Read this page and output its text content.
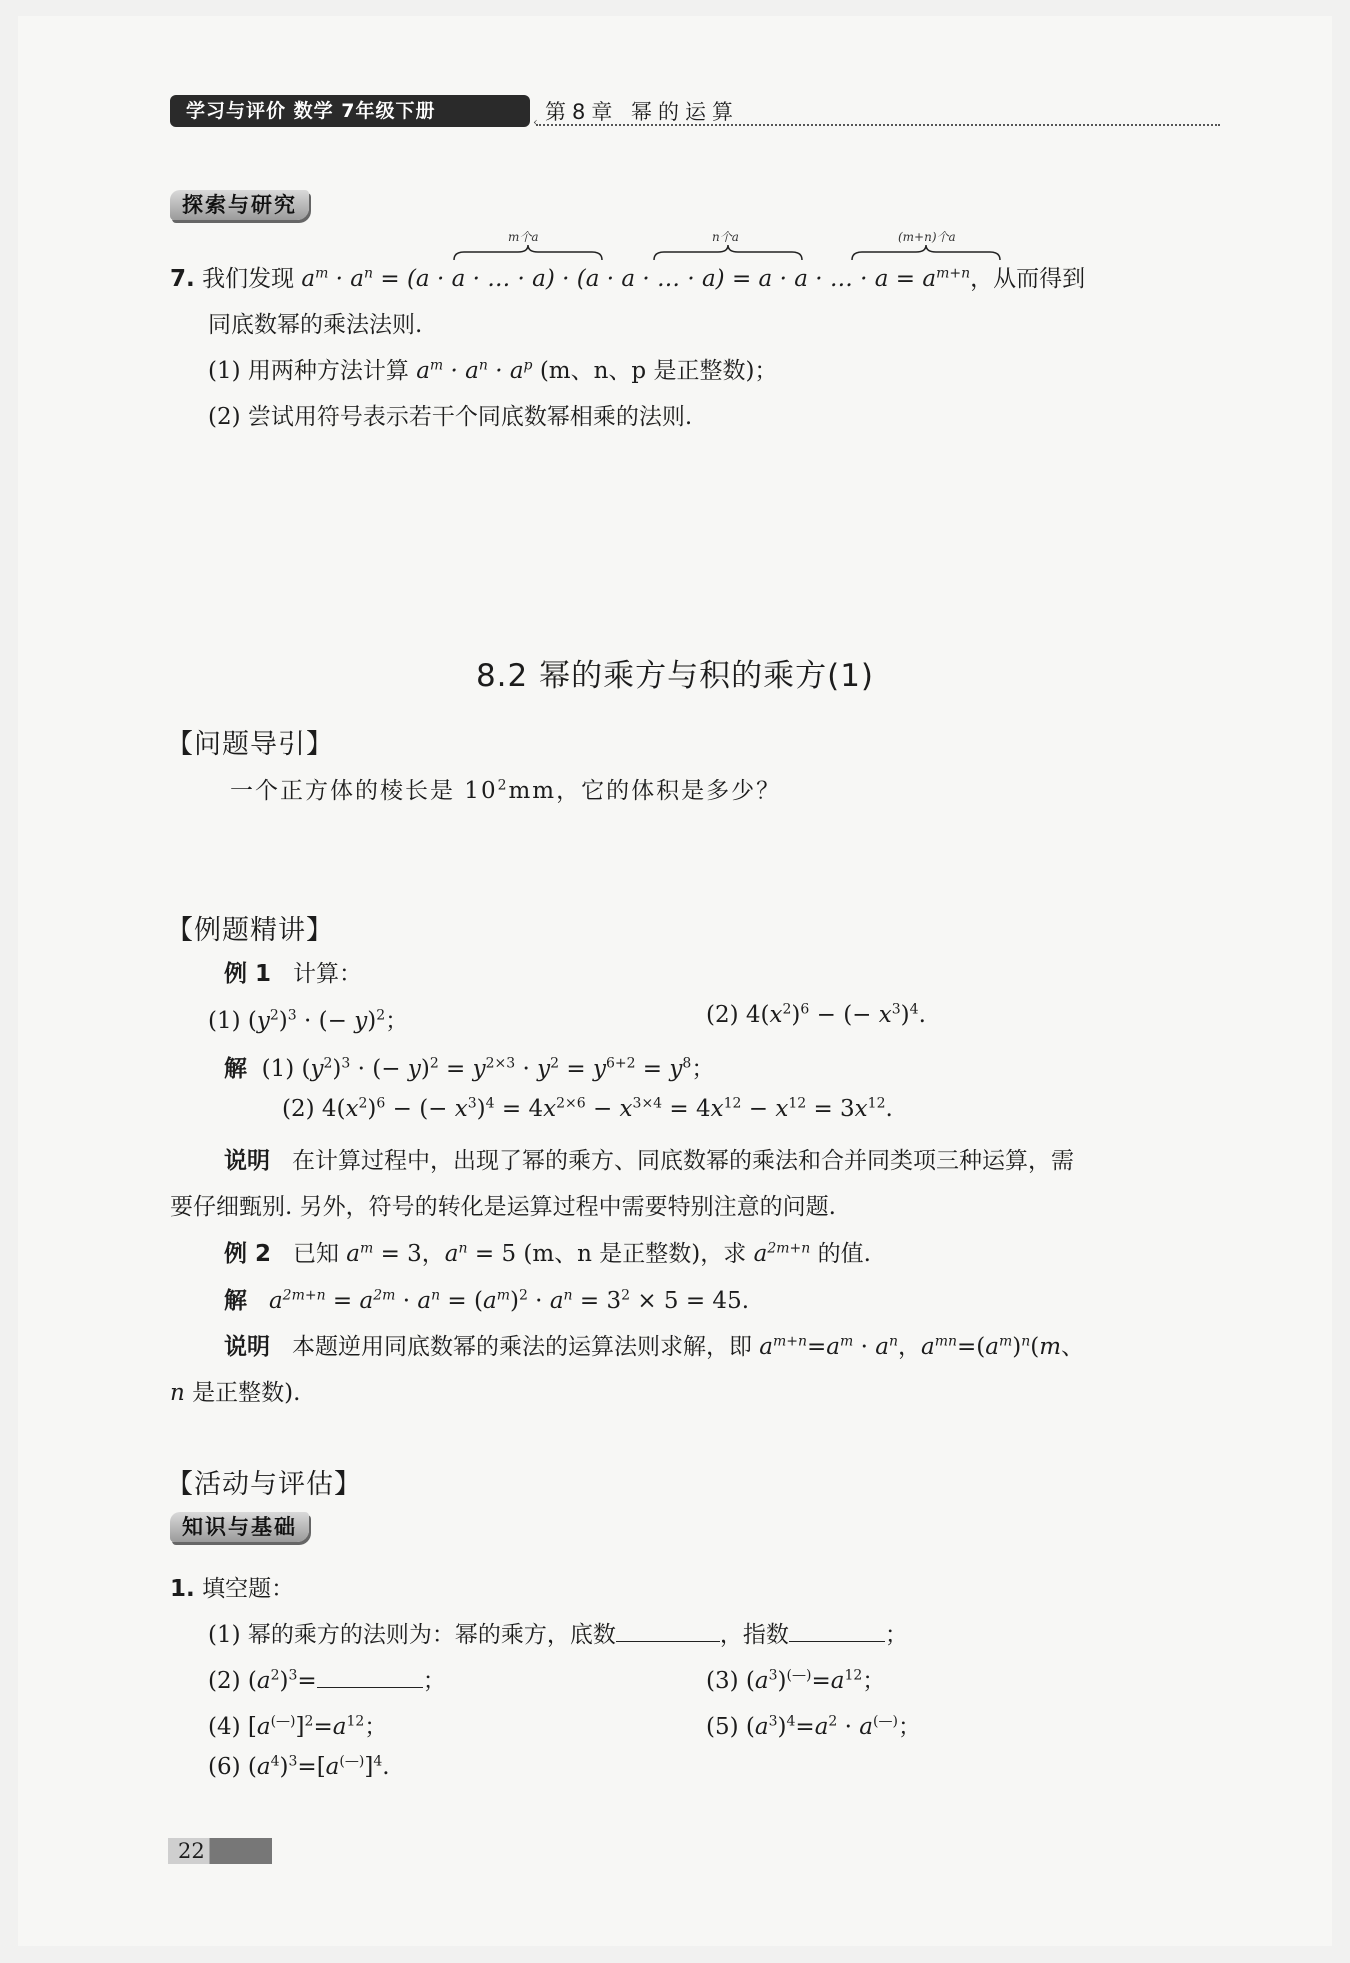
学习与评价 数学 7年级下册	第8章 幂的运算
‹
探索与研究
m个a	n个a	(m+n)个a
7. 我们发现 $a^m \cdot a^n = (a \cdot a$ · … · a) · (a · a · … · a) = a · a · … · $a = a^{m+n}$，从而得到
同底数幂的乘法法则.
(1) 用两种方法计算 $a^m \cdot a^n \cdot a^p$ (m、n、p 是正整数)；
(2) 尝试用符号表示若干个同底数幂相乘的法则.
8.2 幂的乘方与积的乘方(1)
【问题导引】
一个正方体的棱长是 $10^2mm$，它的体积是多少？
【例题精讲】
例 1 计算：
(1) $(y^2)^3$ · (− y)$^2$；	(2) $4(x^2)^6$ − (− $x^3)^4$.
解  (1) $(y^2)^3$ · (− $y)^2 = y^{2\times 3} \cdot y^2 = y^{6+2} = y^8$；
(2) $4(x^2)^6$ − (− $x^3)^4 = 4x^{2\times 6} - x^{3\times 4} = 4x^{12} - x^{12} = 3x^{12}$.
说明 在计算过程中，出现了幂的乘方、同底数幂的乘法和合并同类项三种运算，需
要仔细甄别. 另外，符号的转化是运算过程中需要特别注意的问题.
例 2 已知 $a^m = 3$，$a^n = 5$ (m、n 是正整数)，求 $a^{2m+n}$ 的值.
解 $a^{2m+n} = a^{2m} \cdot a^n = (a^m)^2 \cdot a^n = 3^2 \times 5 = 45$.
说明 本题逆用同底数幂的乘法的运算法则求解，即 $a^{m+n}=a^m \cdot a^n$，$a^{mn}=(a^m)^n(m$、
n 是正整数).
【活动与评估】
知识与基础
1. 填空题：
(1) 幂的乘方的法则为：幂的乘方，底数	，指数	；
(2) $(a^2)^3=$	；	(3) $(a^3)^{(—)}=a^{12}$；
(4) $[a^{(—)}]^2=a^{12}$；	(5) $(a^3)^4=a^2 \cdot a^{(—)}$；
(6) $(a^4)^3=[a^{(—)}]^4$.
22
